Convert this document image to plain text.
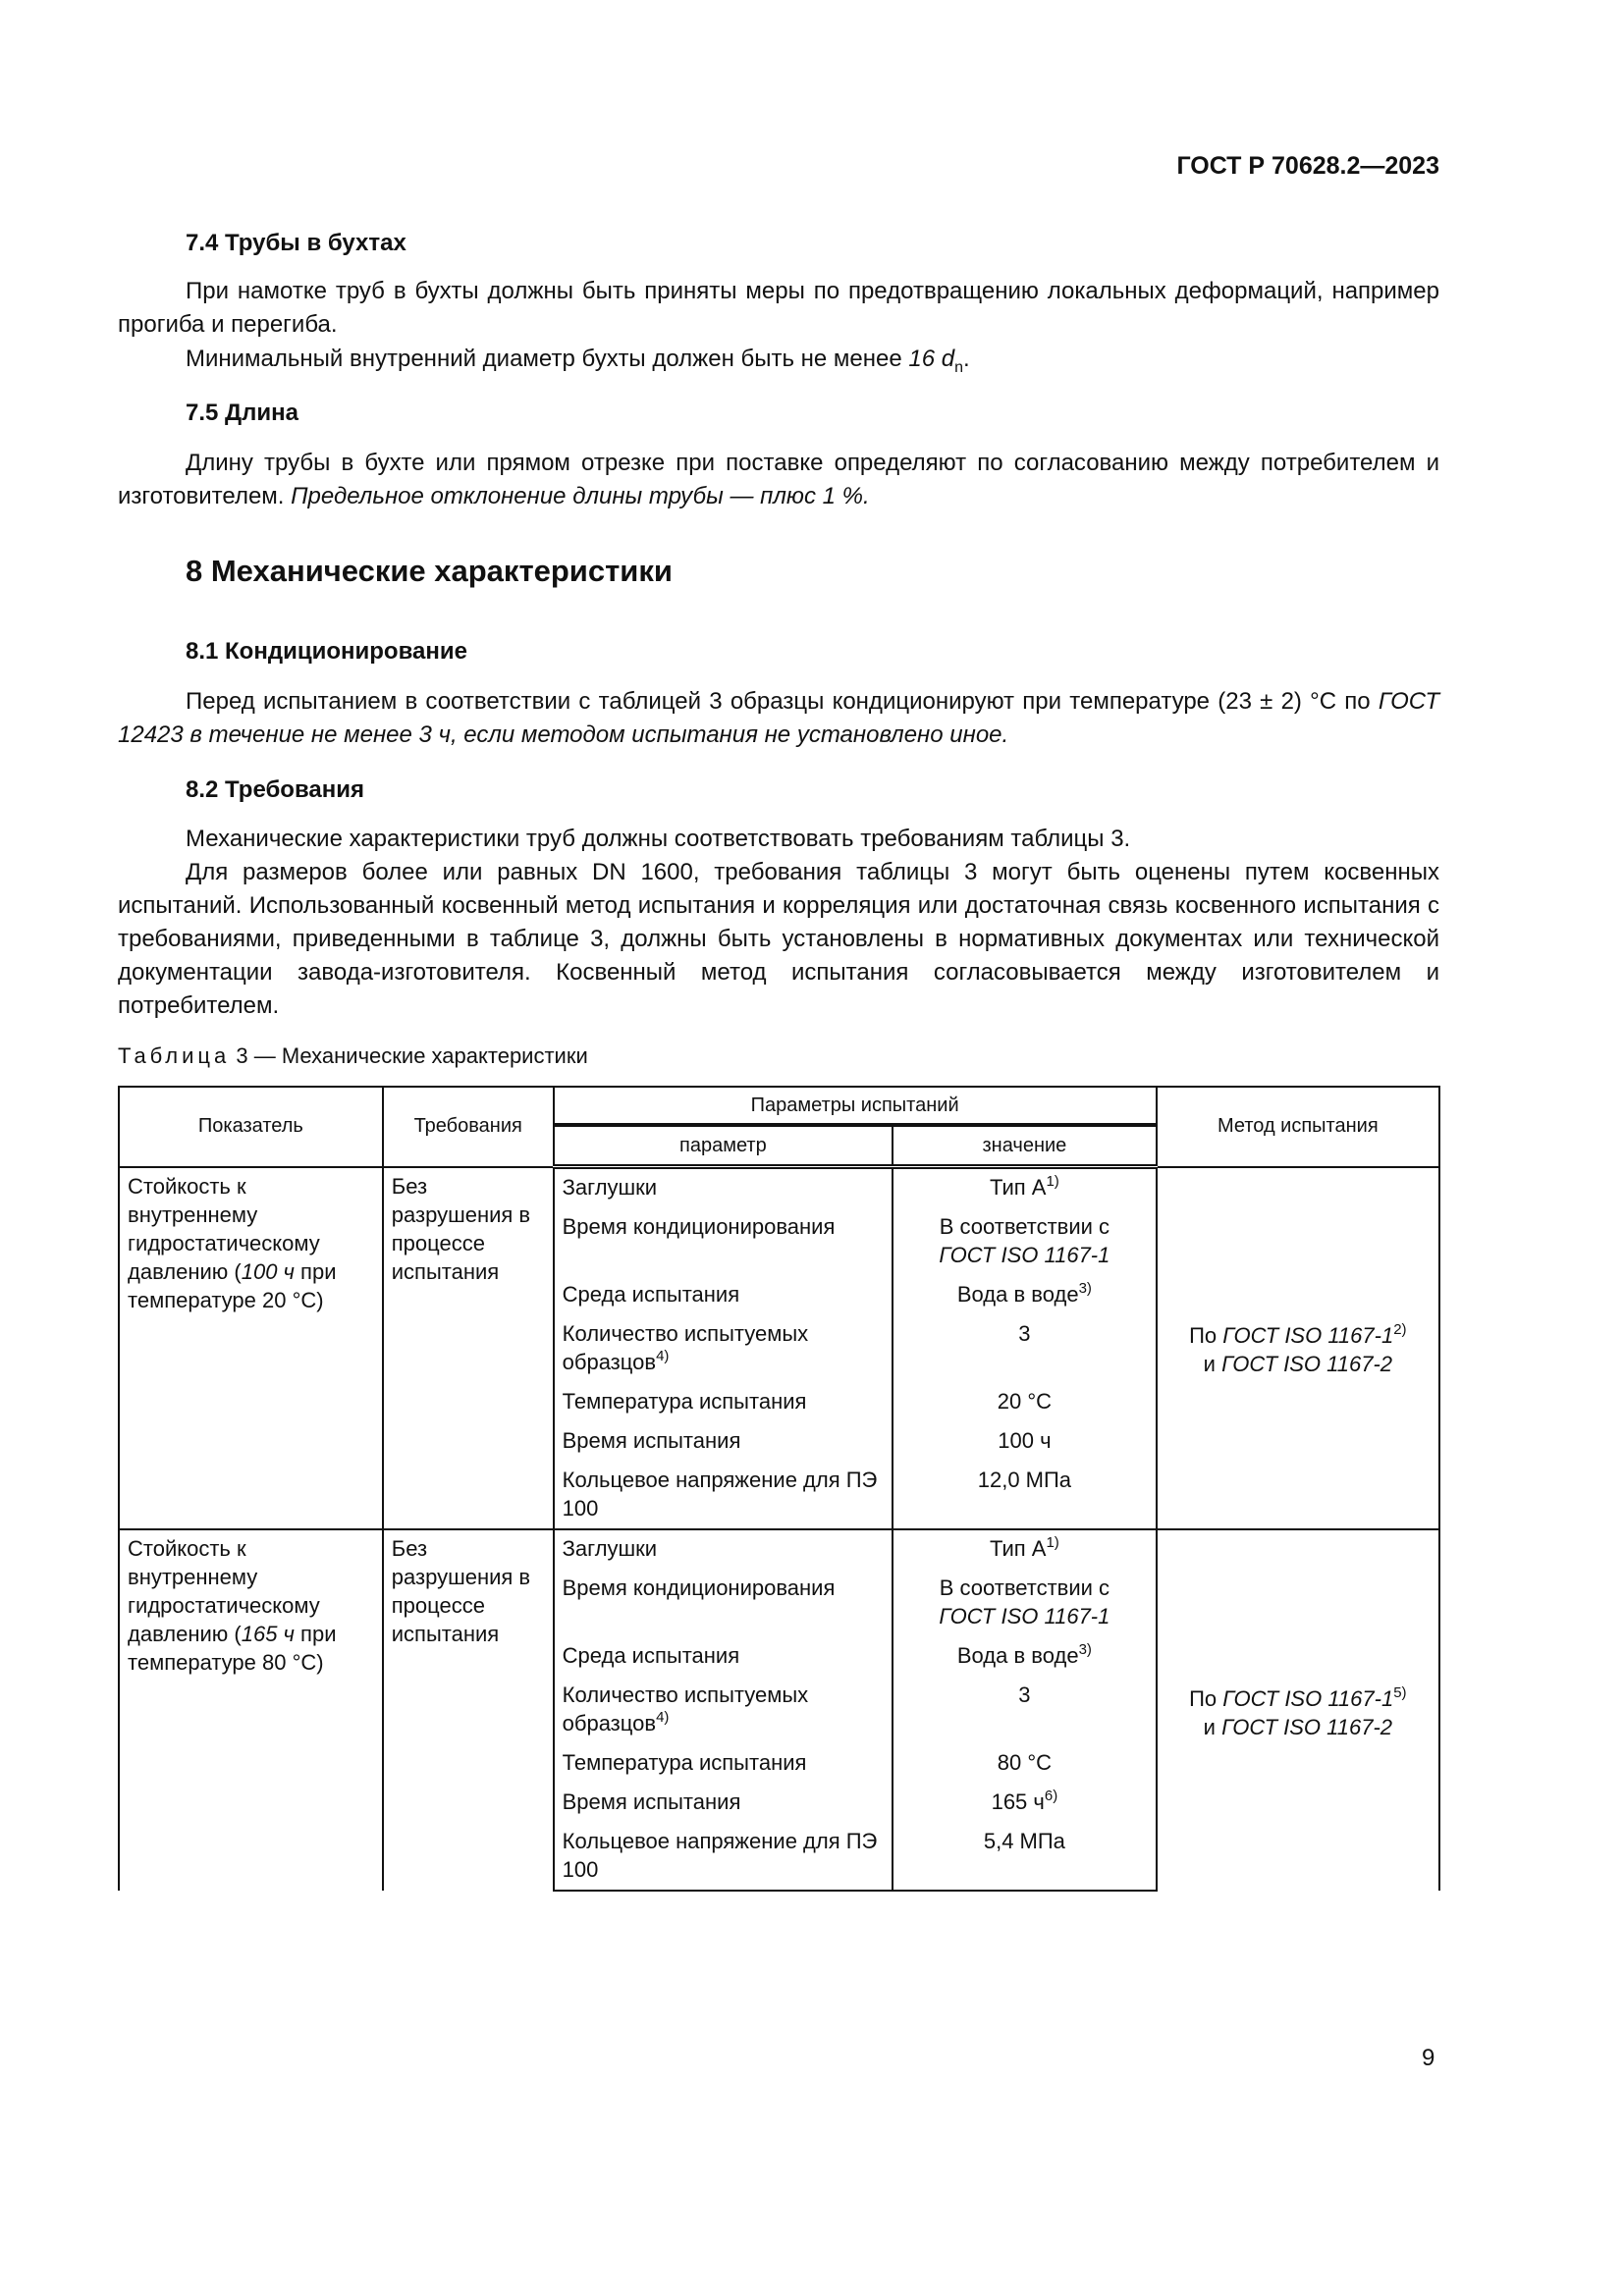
ГОСТ Р 70628.2—2023
7.4 Трубы в бухтах
При намотке труб в бухты должны быть приняты меры по предотвращению локальных деформаций, например прогиба и перегиба.
Минимальный внутренний диаметр бухты должен быть не менее 16 $d_n$.
7.5 Длина
Длину трубы в бухте или прямом отрезке при поставке определяют по согласованию между потребителем и изготовителем. Предельное отклонение длины трубы — плюс 1 %.
8 Механические характеристики
8.1 Кондиционирование
Перед испытанием в соответствии с таблицей 3 образцы кондиционируют при температуре (23 ± 2) °C по ГОСТ 12423 в течение не менее 3 ч, если методом испытания не установлено иное.
8.2 Требования
Механические характеристики труб должны соответствовать требованиям таблицы 3.
Для размеров более или равных DN 1600, требования таблицы 3 могут быть оценены путем косвенных испытаний. Использованный косвенный метод испытания и корреляция или достаточная связь косвенного испытания с требованиями, приведенными в таблице 3, должны быть установлены в нормативных документах или технической документации завода-изготовителя. Косвенный метод испытания согласовывается между изготовителем и потребителем.
Таблица 3 — Механические характеристики
Показатель	Требования	Параметры испытаний		Метод испытания
		параметр	значение	
Стойкость к внутреннему гидростатическому давлению (100 ч при температуре 20 °C)	Без разрушения в процессе испытания	Заглушки	Тип $А^{1)}$	По ГОСТ ISO 1167-1$^{2)}$
и ГОСТ ISO 1167-2
		Время кондиционирования	В соответствии с
ГОСТ ISO 1167-1	
		Среда испытания	Вода в воде$^{3)}$
		Количество испытуемых образцов$^{4)}$	3	
		Температура испытания	20 °C	
		Время испытания	100 ч	
		Кольцевое напряжение для ПЭ 100	12,0 МПа	
Стойкость к внутреннему гидростатическому давлению (165 ч при температуре 80 °C)	Без разрушения в процессе испытания	Заглушки	Тип $А^{1)}$	По ГОСТ ISO 1167-1$^{5)}$
и ГОСТ ISO 1167-2
		Время кондиционирования	В соответствии с
ГОСТ ISO 1167-1	
		Среда испытания	Вода в воде$^{3)}$
		Количество испытуемых образцов$^{4)}$	3	
		Температура испытания	80 °C	
		Время испытания	165 $ч^{6)}$
		Кольцевое напряжение для ПЭ 100	5,4 МПа	
9
